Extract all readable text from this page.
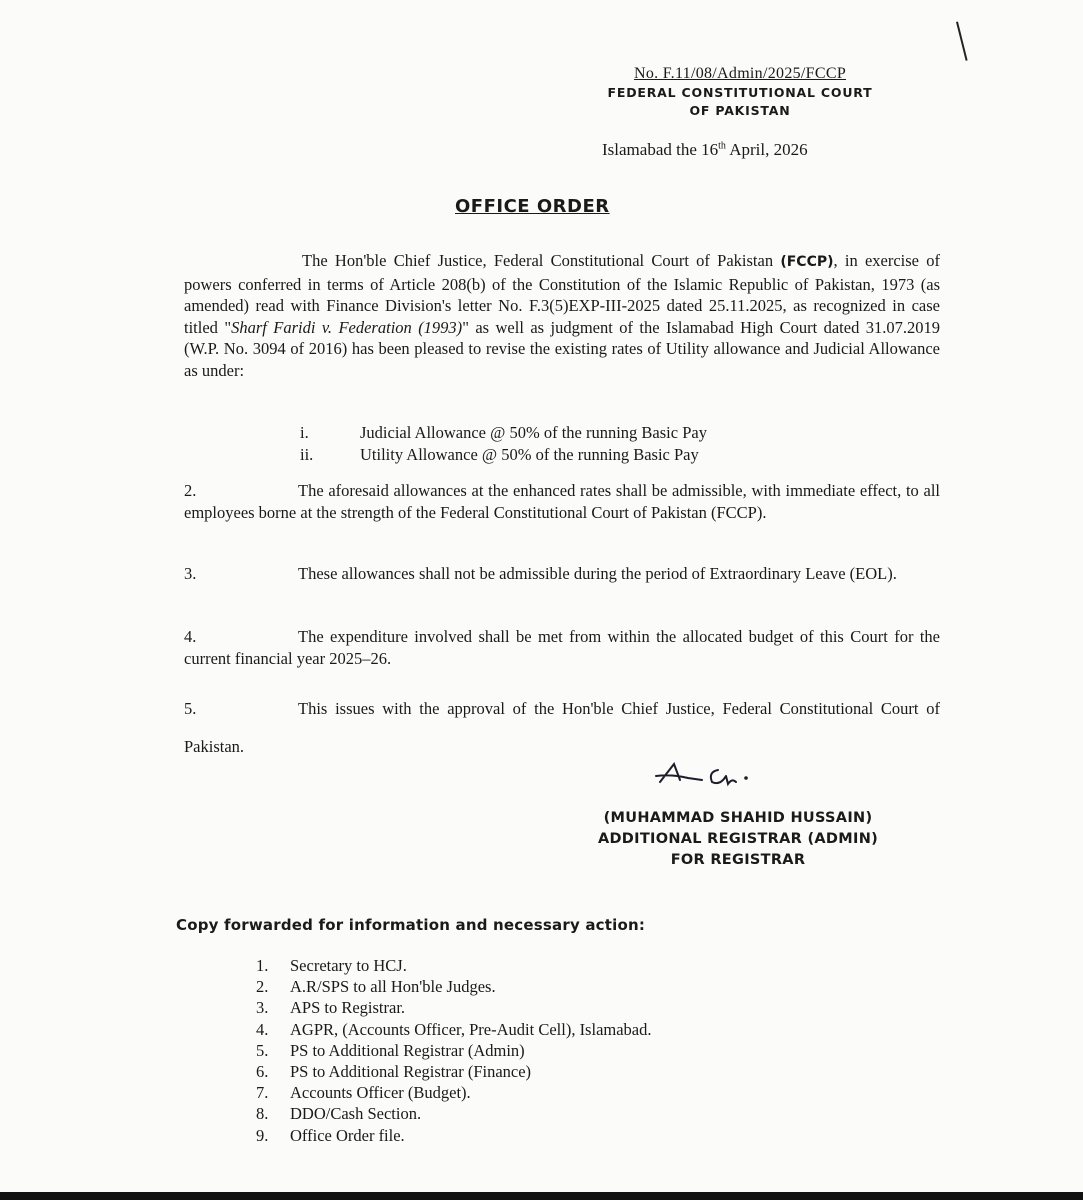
No. F.11/08/Admin/2025/FCCP
FEDERAL CONSTITUTIONAL COURT
OF PAKISTAN
Islamabad the 16th April, 2026
OFFICE ORDER
The Hon'ble Chief Justice, Federal Constitutional Court of Pakistan (FCCP), in exercise of powers conferred in terms of Article 208(b) of the Constitution of the Islamic Republic of Pakistan, 1973 (as amended) read with Finance Division's letter No. F.3(5)EXP-III-2025 dated 25.11.2025, as recognized in case titled "Sharf Faridi v. Federation (1993)" as well as judgment of the Islamabad High Court dated 31.07.2019 (W.P. No. 3094 of 2016) has been pleased to revise the existing rates of Utility allowance and Judicial Allowance as under:
i.	Judicial Allowance @ 50% of the running Basic Pay
ii.	Utility Allowance @ 50% of the running Basic Pay
2.	The aforesaid allowances at the enhanced rates shall be admissible, with immediate effect, to all employees borne at the strength of the Federal Constitutional Court of Pakistan (FCCP).
3.	These allowances shall not be admissible during the period of Extraordinary Leave (EOL).
4.	The expenditure involved shall be met from within the allocated budget of this Court for the current financial year 2025–26.
5.	This issues with the approval of the Hon'ble Chief Justice, Federal Constitutional Court of Pakistan.
(MUHAMMAD SHAHID HUSSAIN)
ADDITIONAL REGISTRAR (ADMIN)
FOR REGISTRAR
Copy forwarded for information and necessary action:
1.	Secretary to HCJ.
2.	A.R/SPS to all Hon'ble Judges.
3.	APS to Registrar.
4.	AGPR, (Accounts Officer, Pre-Audit Cell), Islamabad.
5.	PS to Additional Registrar (Admin)
6.	PS to Additional Registrar (Finance)
7.	Accounts Officer (Budget).
8.	DDO/Cash Section.
9.	Office Order file.
